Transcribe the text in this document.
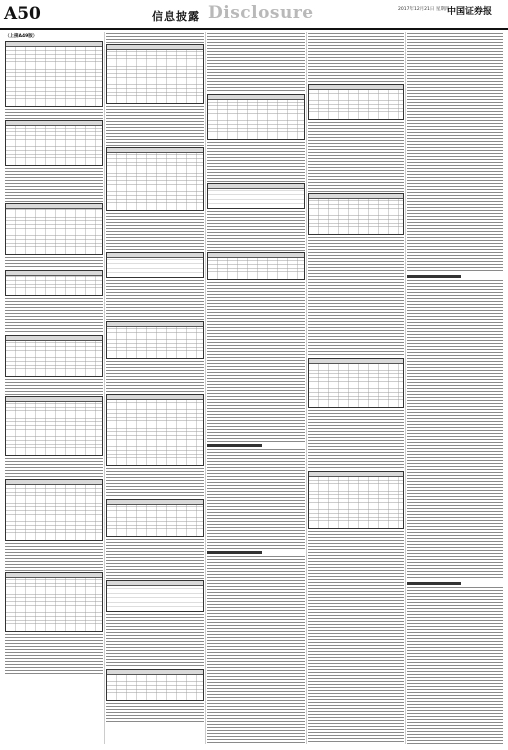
A50	信息披露 Disclosure	2017年12月21日 星期四
中国证券报
（上接A49版）
